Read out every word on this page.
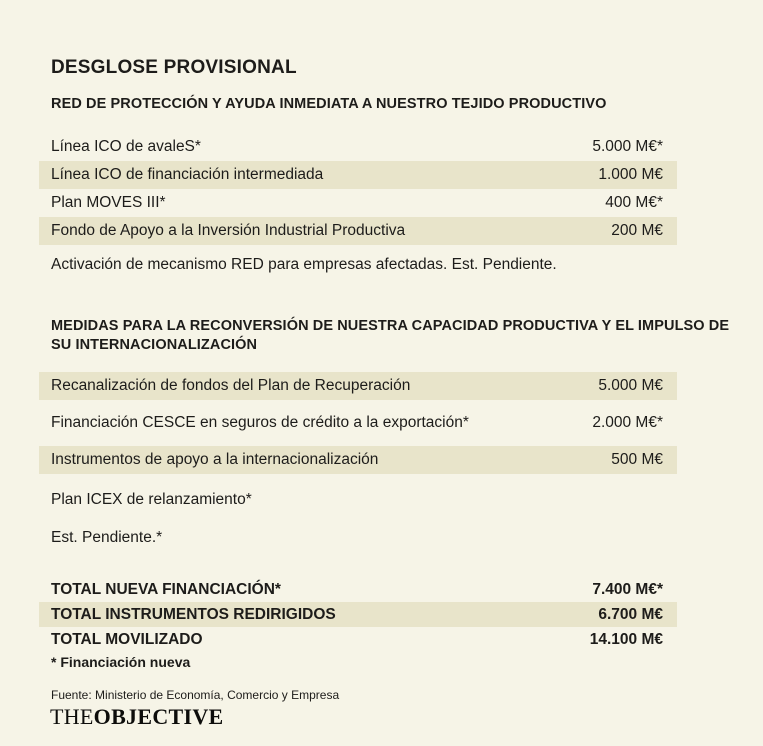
DESGLOSE PROVISIONAL
RED DE PROTECCIÓN Y AYUDA INMEDIATA A NUESTRO TEJIDO PRODUCTIVO
Línea ICO de avaleS*	5.000 M€*
Línea ICO de financiación intermediada	1.000 M€
Plan MOVES III*	400 M€*
Fondo de Apoyo a la Inversión Industrial Productiva	200 M€

Activación de mecanismo RED para empresas afectadas. Est. Pendiente.

MEDIDAS PARA LA RECONVERSIÓN DE NUESTRA CAPACIDAD PRODUCTIVA Y EL IMPULSO DE SU INTERNACIONALIZACIÓN
Recanalización de fondos del Plan de Recuperación	5.000 M€
Financiación CESCE en seguros de crédito a la exportación*	2.000 M€*
Instrumentos de apoyo a la internacionalización	500 M€

Plan ICEX de relanzamiento*

Est. Pendiente.*

TOTAL NUEVA FINANCIACIÓN*	7.400 M€*
TOTAL INSTRUMENTOS REDIRIGIDOS	6.700 M€
TOTAL MOVILIZADO	14.100 M€

* Financiación nueva

Fuente: Ministerio de Economía, Comercio y Empresa

THEOBJECTIVE
